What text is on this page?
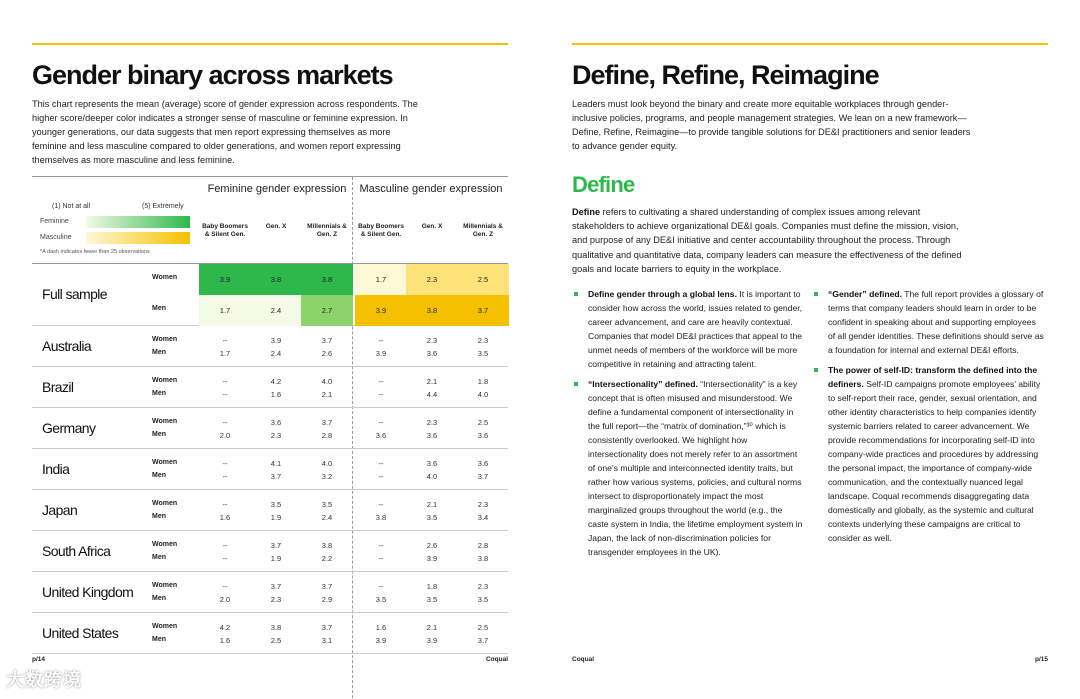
Gender binary across markets

This chart represents the mean (average) score of gender expression across respondents. The higher score/deeper color indicates a stronger sense of masculine or feminine expression. In younger generations, our data suggests that men report expressing themselves as more feminine and less masculine compared to older generations, and women report expressing themselves as more masculine and less feminine.

(1) Not at all	(5) Extremely
Feminine
Masculine
*A dash indicates fewer than 25 observations
Feminine gender expression	Masculine gender expression
Baby Boomers & Silent Gen.
Gen. X	Millennials & Gen. Z
Baby Boomers & Silent Gen.
Gen. X	Millennials & Gen. Z
Full sample
Women	3.9	3.8	3.8	1.7	2.3	2.5
Men	1.7	2.4	2.7	3.9	3.8	3.7
Australia	Women	--	3.9	3.7	--	2.3	2.3
Men	1.7	2.4	2.6	3.9	3.6	3.5
Brazil	Women	--	4.2	4.0	--	2.1	1.8
Men	--	1.6	2.1	--	4.4	4.0
Germany	Women	--	3.6	3.7	--	2.3	2.5
Men	2.0	2.3	2.8	3.6	3.6	3.6
India	Women	--	4.1	4.0	--	3.6	3.6
Men	--	3.7	3.2	--	4.0	3.7
Japan	Women	--	3.5	3.5	--	2.1	2.3
Men	1.6	1.9	2.4	3.8	3.5	3.4
South Africa	Women	--	3.7	3.8	--	2.6	2.8
Men	--	1.9	2.2	--	3.9	3.8
United Kingdom	Women	--	3.7	3.7	--	1.8	2.3
Men	2.0	2.3	2.9	3.5	3.5	3.5
United States	Women	4.2	3.8	3.7	1.6	2.1	2.5
Men	1.6	2.5	3.1	3.9	3.9	3.7
p/14	Coqual
大数跨境
Define, Refine, Reimagine

Leaders must look beyond the binary and create more equitable workplaces through gender-inclusive policies, programs, and people management strategies. We lean on a new framework—Define, Refine, Reimagine—to provide tangible solutions for DE&I practitioners and senior leaders to advance gender equity.

Define

Define refers to cultivating a shared understanding of complex issues among relevant stakeholders to achieve organizational DE&I goals. Companies must define the mission, vision, and purpose of any DE&I initiative and center accountability throughout the process. Through qualitative and quantitative data, company leaders can measure the effectiveness of the defined goals and locate barriers to equity in the workplace.

Define gender through a global lens. It is important to consider how across the world, issues related to gender, career advancement, and care are heavily contextual. Companies that model DE&I practices that appeal to the unmet needs of members of the workforce will be more competitive in retaining and attracting talent.
“Intersectionality” defined. “Intersectionality” is a key concept that is often misused and misunderstood. We define a fundamental component of intersectionality in the full report—the “matrix of domination,”³⁰ which is consistently overlooked. We highlight how intersectionality does not merely refer to an assortment of one’s multiple and interconnected identity traits, but rather how various systems, policies, and cultural norms intersect to disproportionately impact the most marginalized groups throughout the world (e.g., the caste system in India, the lifetime employment system in Japan, the lack of non-discrimination policies for transgender employees in the UK).
“Gender” defined. The full report provides a glossary of terms that company leaders should learn in order to be confident in speaking about and supporting employees of all gender identities. These definitions should serve as a foundation for internal and external DE&I efforts.
The power of self-ID: transform the defined into the definers. Self-ID campaigns promote employees’ ability to self-report their race, gender, sexual orientation, and other identity characteristics to help companies identify systemic barriers related to career advancement. We provide recommendations for incorporating self-ID into company-wide practices and procedures by addressing the personal impact, the importance of company-wide communication, and the contextually nuanced legal landscape. Coqual recommends disaggregating data domestically and globally, as the systemic and cultural contexts underlying these campaigns are critical to consider as well.
Coqual	p/15
